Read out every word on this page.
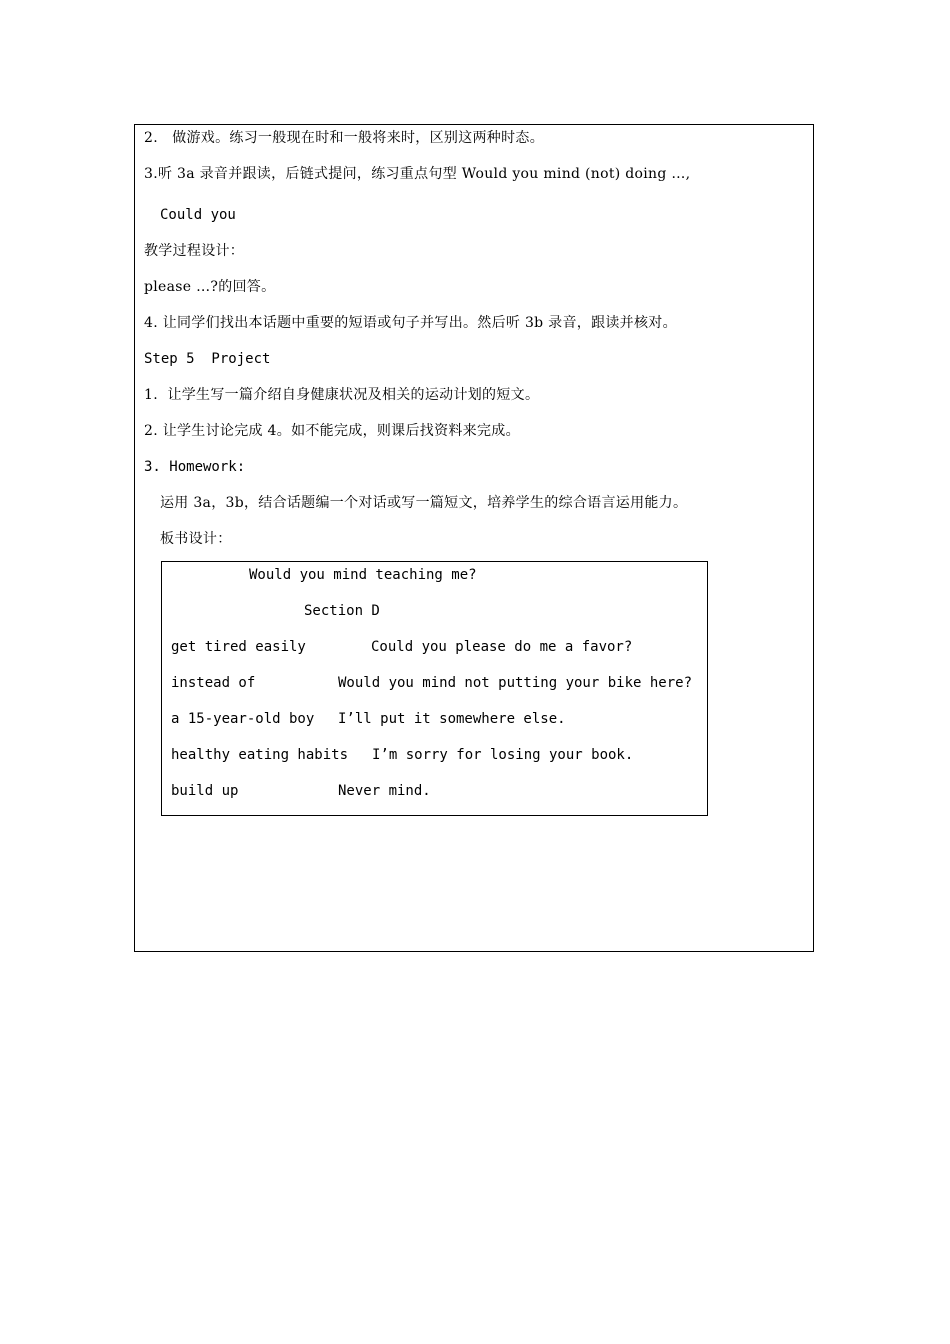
2.   做游戏。练习一般现在时和一般将来时，区别这两种时态。
3.听 3a 录音并跟读，后链式提问，练习重点句型 Would you mind (not) doing …,
Could you
教学过程设计：
please …?的回答。
4. 让同学们找出本话题中重要的短语或句子并写出。然后听 3b 录音，跟读并核对。
Step 5  Project
1.  让学生写一篇介绍自身健康状况及相关的运动计划的短文。
2. 让学生讨论完成 4。如不能完成，则课后找资料来完成。
3. Homework:
运用 3a，3b，结合话题编一个对话或写一篇短文，培养学生的综合语言运用能力。
板书设计：
Would you mind teaching me?
Section D
get tired easily	Could you please do me a favor?
instead of	Would you mind not putting your bike here?
a 15-year-old boy I’ll put it somewhere else.
healthy eating habits I’m sorry for losing your book.
build up	Never mind.
